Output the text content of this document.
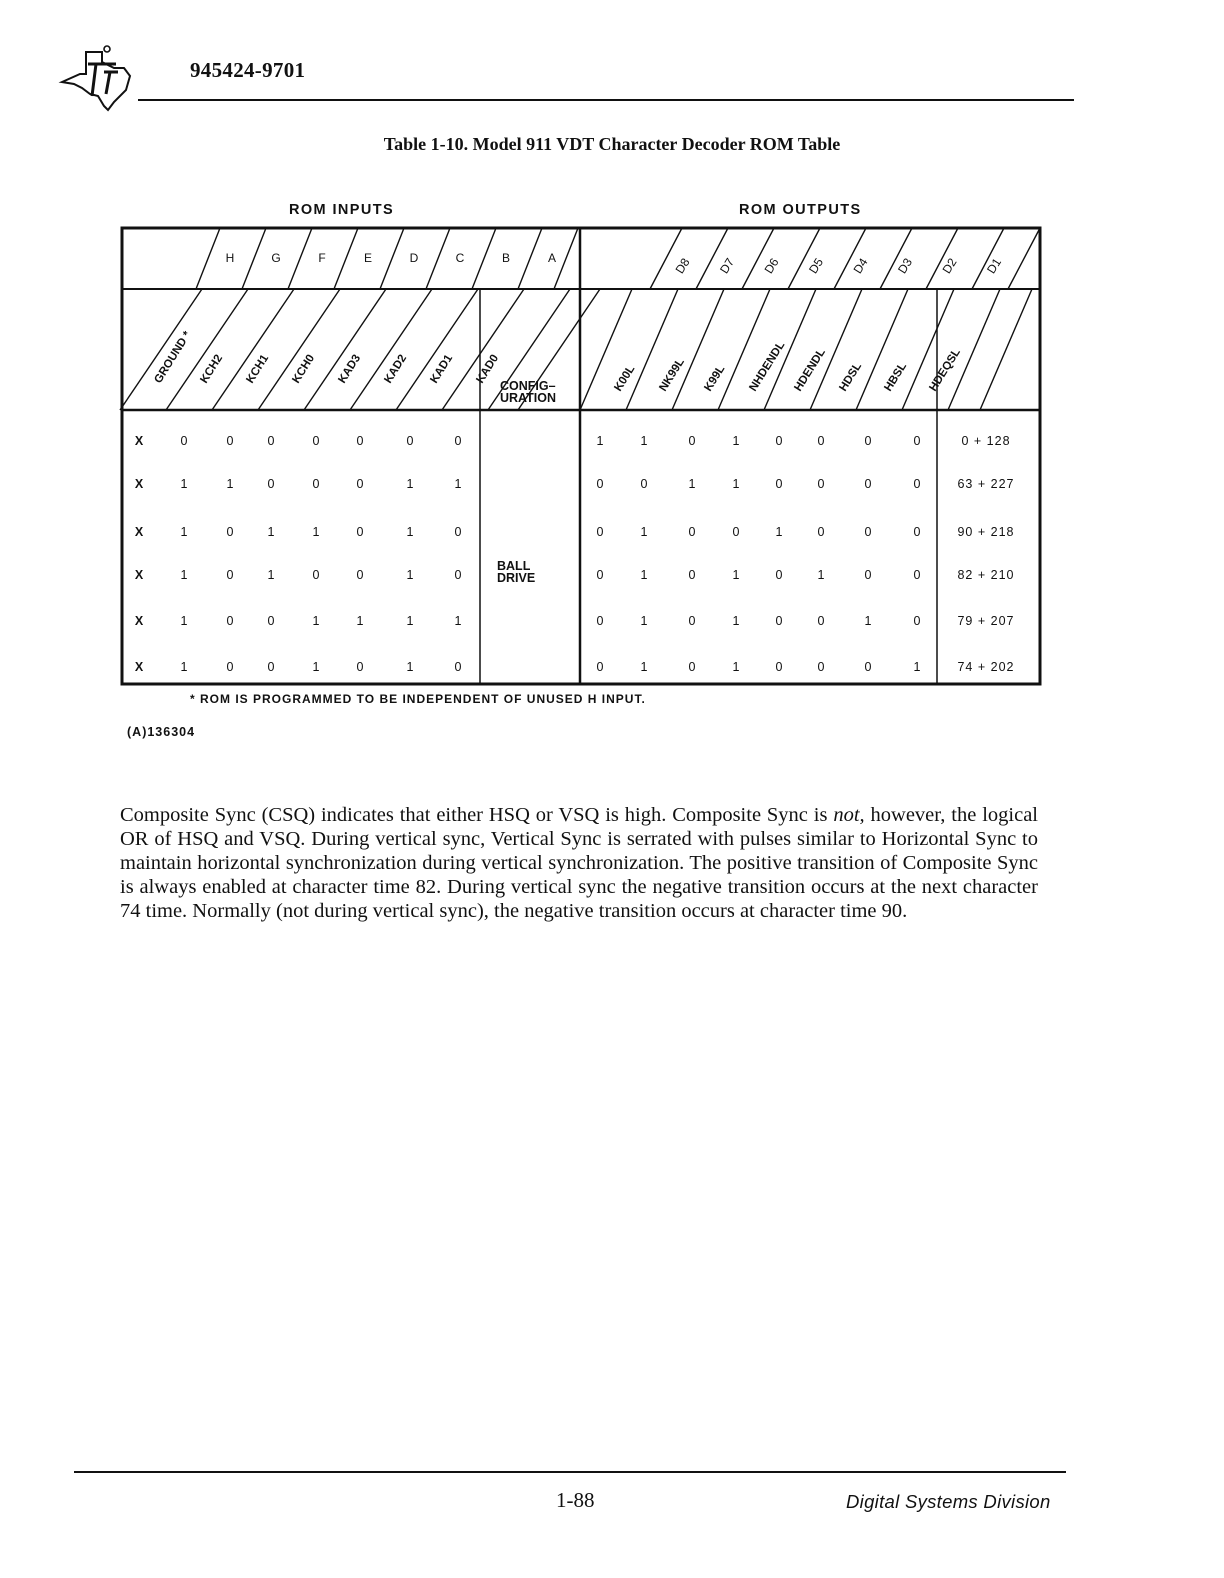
945424-9701
Table 1-10. Model 911 VDT Character Decoder ROM Table
ROM INPUTS	ROM OUTPUTS
H	G	F	E	D	C	B	A	D8 D7 D6 D5 D4 D3 D2 D1
GROUND * KCH2 KCH1 KCH0 KAD3 KAD2 KAD1 KAD0	K00L NK99L K99L NHDENDL HDENDL HDSL HBSL HDEQSL
CONFIG–
URATION
BALL
DRIVE
X	0	0	0	0	0	0	0	1	1	0	1	0	0	0	0	0 + 128
X	1	1	0	0	0	1	1	0	0	1	1	0	0	0	0	63 + 227
X	1	0	1	1	0	1	0	0	1	0	0	1	0	0	0	90 + 218
X	1	0	1	0	0	1	0	0	1	0	1	0	1	0	0	82 + 210
X	1	0	0	1	1	1	1	0	1	0	1	0	0	1	0	79 + 207
X	1	0	0	1	0	1	0	0	1	0	1	0	0	0	1	74 + 202
* ROM IS PROGRAMMED TO BE INDEPENDENT OF UNUSED H INPUT.
(A)136304
Composite Sync (CSQ) indicates that either HSQ or VSQ is high. Composite Sync is not, however, the logical OR of HSQ and VSQ. During vertical sync, Vertical Sync is serrated with pulses similar to Horizontal Sync to maintain horizontal synchronization during vertical synchronization. The positive transition of Composite Sync is always enabled at character time 82. During vertical sync the negative transition occurs at the next character 74 time. Normally (not during vertical sync), the negative transition occurs at character time 90.
1-88	Digital Systems Division
